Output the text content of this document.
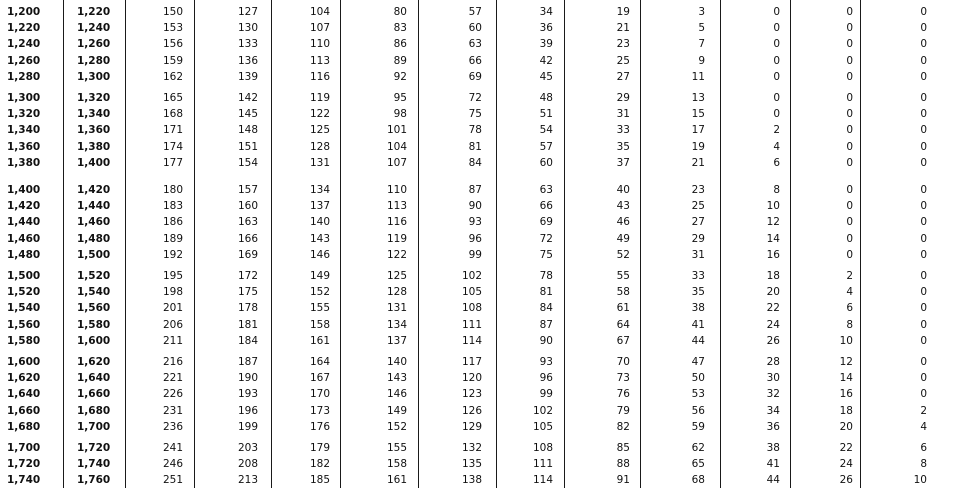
1,200	1,220	150	127	104	80	57	34	19	3	0	0	0
1,220	1,240	153	130	107	83	60	36	21	5	0	0	0
1,240	1,260	156	133	110	86	63	39	23	7	0	0	0
1,260	1,280	159	136	113	89	66	42	25	9	0	0	0
1,280	1,300	162	139	116	92	69	45	27	11	0	0	0
1,300	1,320	165	142	119	95	72	48	29	13	0	0	0
1,320	1,340	168	145	122	98	75	51	31	15	0	0	0
1,340	1,360	171	148	125	101	78	54	33	17	2	0	0
1,360	1,380	174	151	128	104	81	57	35	19	4	0	0
1,380	1,400	177	154	131	107	84	60	37	21	6	0	0
1,400	1,420	180	157	134	110	87	63	40	23	8	0	0
1,420	1,440	183	160	137	113	90	66	43	25	10	0	0
1,440	1,460	186	163	140	116	93	69	46	27	12	0	0
1,460	1,480	189	166	143	119	96	72	49	29	14	0	0
1,480	1,500	192	169	146	122	99	75	52	31	16	0	0
1,500	1,520	195	172	149	125	102	78	55	33	18	2	0
1,520	1,540	198	175	152	128	105	81	58	35	20	4	0
1,540	1,560	201	178	155	131	108	84	61	38	22	6	0
1,560	1,580	206	181	158	134	111	87	64	41	24	8	0
1,580	1,600	211	184	161	137	114	90	67	44	26	10	0
1,600	1,620	216	187	164	140	117	93	70	47	28	12	0
1,620	1,640	221	190	167	143	120	96	73	50	30	14	0
1,640	1,660	226	193	170	146	123	99	76	53	32	16	0
1,660	1,680	231	196	173	149	126	102	79	56	34	18	2
1,680	1,700	236	199	176	152	129	105	82	59	36	20	4
1,700	1,720	241	203	179	155	132	108	85	62	38	22	6
1,720	1,740	246	208	182	158	135	111	88	65	41	24	8
1,740	1,760	251	213	185	161	138	114	91	68	44	26	10
